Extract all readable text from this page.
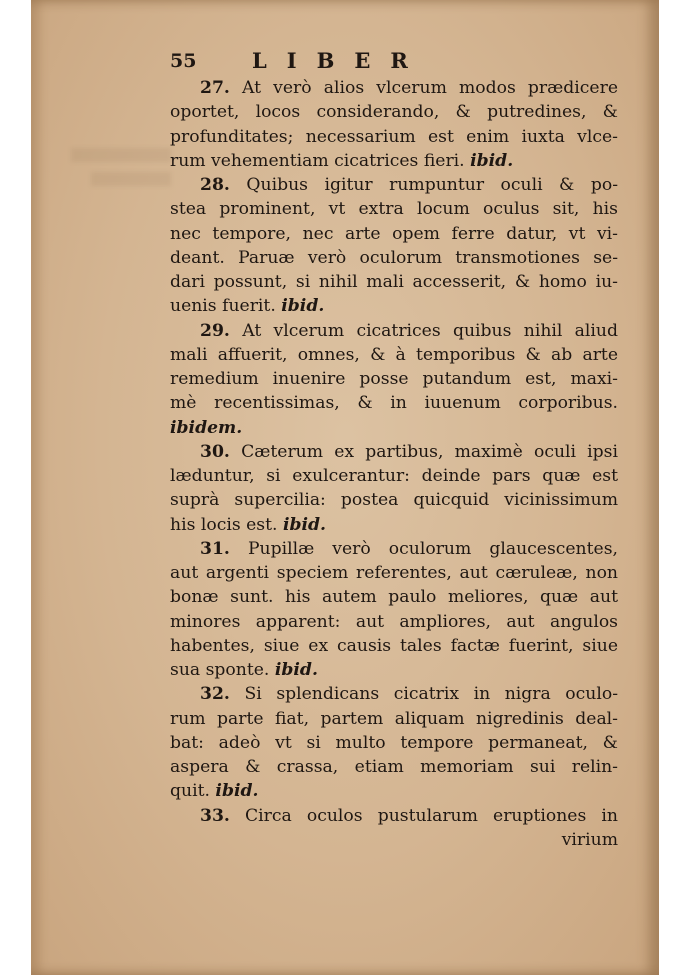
55	LIBER
27. At verò alios vlcerum modos prædicere
oportet, locos considerando, & putredines, &
profunditates; necessarium est enim iuxta vlce-
rum vehementiam cicatrices fieri. ibid.
28. Quibus igitur rumpuntur oculi & po-
stea prominent, vt extra locum oculus sit, his
nec tempore, nec arte opem ferre datur, vt vi-
deant. Paruæ verò oculorum transmotiones se-
dari possunt, si nihil mali accesserit, & homo iu-
uenis fuerit. ibid.
29. At vlcerum cicatrices quibus nihil aliud
mali affuerit, omnes, & à temporibus & ab arte
remedium inuenire posse putandum est, maxi-
mè recentissimas, & in iuuenum corporibus.
ibidem.
30. Cæterum ex partibus, maximè oculi ipsi
læduntur, si exulcerantur: deinde pars quæ est
suprà supercilia: postea quicquid vicinissimum
his locis est. ibid.
31. Pupillæ verò oculorum glaucescentes,
aut argenti speciem referentes, aut cæruleæ, non
bonæ sunt. his autem paulo meliores, quæ aut
minores apparent: aut ampliores, aut angulos
habentes, siue ex causis tales factæ fuerint, siue
sua sponte. ibid.
32. Si splendicans cicatrix in nigra oculo-
rum parte fiat, partem aliquam nigredinis deal-
bat: adeò vt si multo tempore permaneat, &
aspera & crassa, etiam memoriam sui relin-
quit. ibid.
33. Circa oculos pustularum eruptiones in
virium
